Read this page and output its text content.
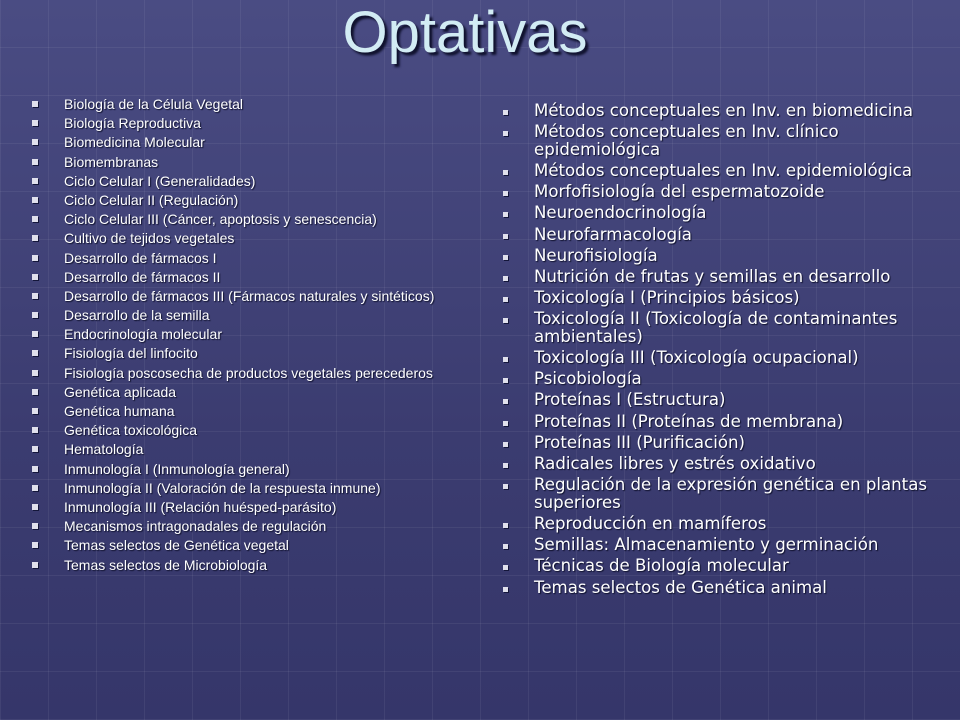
Optativas
Biología de la Célula Vegetal
Biología Reproductiva
Biomedicina Molecular
Biomembranas
Ciclo Celular I (Generalidades)
Ciclo Celular II (Regulación)
Ciclo Celular III (Cáncer, apoptosis y senescencia)
Cultivo de tejidos vegetales
Desarrollo de fármacos I
Desarrollo de fármacos II
Desarrollo de fármacos III (Fármacos naturales y sintéticos)
Desarrollo de la semilla
Endocrinología molecular
Fisiología del linfocito
Fisiología poscosecha de productos vegetales perecederos
Genética aplicada
Genética humana
Genética toxicológica
Hematología
Inmunología I (Inmunología general)
Inmunología II (Valoración de la respuesta inmune)
Inmunología III (Relación huésped-parásito)
Mecanismos intragonadales de regulación
Temas selectos de Genética vegetal
Temas selectos de Microbiología
Métodos conceptuales en Inv. en biomedicina
Métodos conceptuales en Inv. clínico epidemiológica
Métodos conceptuales en Inv. epidemiológica
Morfofisiología del espermatozoide
Neuroendocrinología
Neurofarmacología
Neurofisiología
Nutrición de frutas y semillas en desarrollo
Toxicología I (Principios básicos)
Toxicología II (Toxicología de contaminantes ambientales)
Toxicología III (Toxicología ocupacional)
Psicobiología
Proteínas I (Estructura)
Proteínas II (Proteínas de membrana)
Proteínas III (Purificación)
Radicales libres y estrés oxidativo
Regulación de la expresión genética en plantas superiores
Reproducción en mamíferos
Semillas: Almacenamiento y germinación
Técnicas de Biología molecular
Temas selectos de Genética animal
